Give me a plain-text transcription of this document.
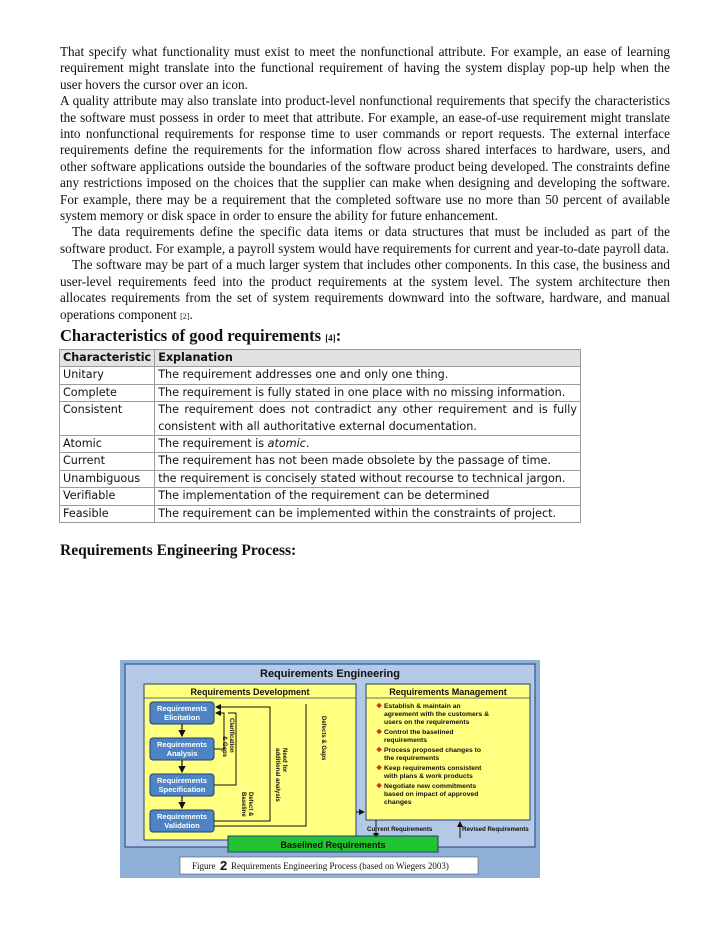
That specify what functionality must exist to meet the nonfunctional attribute. For example, an ease of learning requirement might translate into the functional requirement of having the system display pop-up help when the user hovers the cursor over an icon.

A quality attribute may also translate into product-level nonfunctional requirements that specify the characteristics the software must possess in order to meet that attribute. For example, an ease-of-use requirement might translate into nonfunctional requirements for response time to user commands or report requests. The external interface requirements define the requirements for the information flow across shared interfaces to hardware, users, and other software applications outside the boundaries of the software product being developed. The constraints define any restrictions imposed on the choices that the supplier can make when designing and developing the software. For example, there may be a requirement that the completed software use no more than 50 percent of available system memory or disk space in order to ensure the ability for future enhancement.

The data requirements define the specific data items or data structures that must be included as part of the software product. For example, a payroll system would have requirements for current and year-to-date payroll data.

The software may be part of a much larger system that includes other components. In this case, the business and user-level requirements feed into the product requirements at the system level. The system architecture then allocates requirements from the set of system requirements downward into the software, hardware, and manual operations component [2].

Characteristics of good requirements [4]:
Characteristic	Explanation
Unitary	The requirement addresses one and only one thing.
Complete	The requirement is fully stated in one place with no missing information.
Consistent	The requirement does not contradict any other requirement and is fully consistent with all authoritative external documentation.
Atomic	The requirement is atomic.
Current	The requirement has not been made obsolete by the passage of time.
Unambiguous	the requirement is concisely stated without recourse to technical jargon.
Verifiable	The implementation of the requirement can be determined
Feasible	The requirement can be implemented within the constraints of project.
Requirements Engineering Process:
Requirements Engineering
Requirements Development
Requirements
Elicitation
Requirements
Analysis
Requirements
Specification
Requirements
Validation
Clarification
& Gaps
Defect &
Baseline
Need for
additional analysis
Defects & Gaps
Requirements Management
❖ Establish & maintain an
agreement with the customers &
users on the requirements
❖ Control the baselined
requirements
❖ Process proposed changes to
the requirements
❖ Keep requirements consistent
with plans & work products
❖ Negotiate new commitments
based on impact of approved
changes
Current Requirements	Revised Requirements
Baselined Requirements
Figure 2 Requirements Engineering Process (based on Wiegers 2003)
